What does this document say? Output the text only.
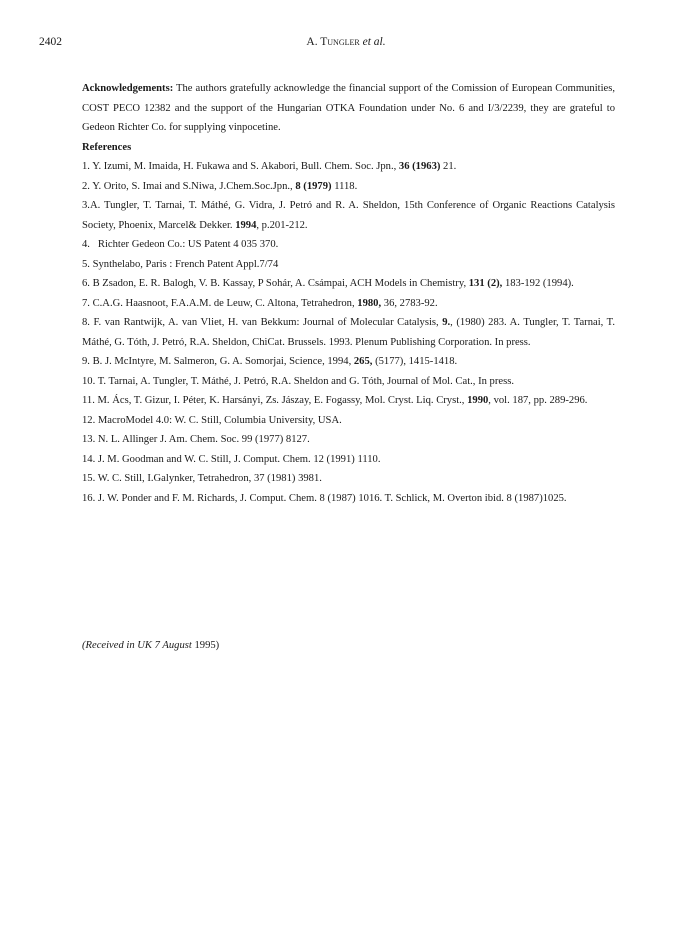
2402	A. Tungler et al.

Acknowledgements: The authors gratefully acknowledge the financial support of the Comission of European Communities, COST PECO 12382 and the support of the Hungarian OTKA Foundation under No. 6 and I/3/2239, they are grateful to Gedeon Richter Co. for supplying vinpocetine.

References

1. Y. Izumi, M. Imaida, H. Fukawa and S. Akabori, Bull. Chem. Soc. Jpn., 36 (1963) 21.

2. Y. Orito, S. Imai and S.Niwa, J.Chem.Soc.Jpn., 8 (1979) 1118.

3.A. Tungler, T. Tarnai, T. Máthé, G. Vidra, J. Petró and R. A. Sheldon, 15th Conference of Organic Reactions Catalysis Society, Phoenix, Marcel& Dekker. 1994, p.201-212.

4.   Richter Gedeon Co.: US Patent 4 035 370.

5. Synthelabo, Paris : French Patent Appl.7/74

6. B Zsadon, E. R. Balogh, V. B. Kassay, P Sohár, A. Csámpai, ACH Models in Chemistry, 131 (2), 183-192 (1994).

7. C.A.G. Haasnoot, F.A.A.M. de Leuw, C. Altona, Tetrahedron, 1980, 36, 2783-92.

8. F. van Rantwijk, A. van Vliet, H. van Bekkum: Journal of Molecular Catalysis, 9., (1980) 283. A. Tungler, T. Tarnai, T. Máthé, G. Tóth, J. Petró, R.A. Sheldon, ChiCat. Brussels. 1993. Plenum Publishing Corporation. In press.

9. B. J. McIntyre, M. Salmeron, G. A. Somorjai, Science, 1994, 265, (5177), 1415-1418.

10. T. Tarnai, A. Tungler, T. Máthé, J. Petró, R.A. Sheldon and G. Tóth, Journal of Mol. Cat., In press.

11. M. Ács, T. Gizur, I. Péter, K. Harsányi, Zs. Jászay, E. Fogassy, Mol. Cryst. Liq. Cryst., 1990, vol. 187, pp. 289-296.

12. MacroModel 4.0: W. C. Still, Columbia University, USA.

13. N. L. Allinger J. Am. Chem. Soc. 99 (1977) 8127.

14. J. M. Goodman and W. C. Still, J. Comput. Chem. 12 (1991) 1110.

15. W. C. Still, I.Galynker, Tetrahedron, 37 (1981) 3981.

16. J. W. Ponder and F. M. Richards, J. Comput. Chem. 8 (1987) 1016. T. Schlick, M. Overton ibid. 8 (1987)1025.

(Received in UK 7 August 1995)
